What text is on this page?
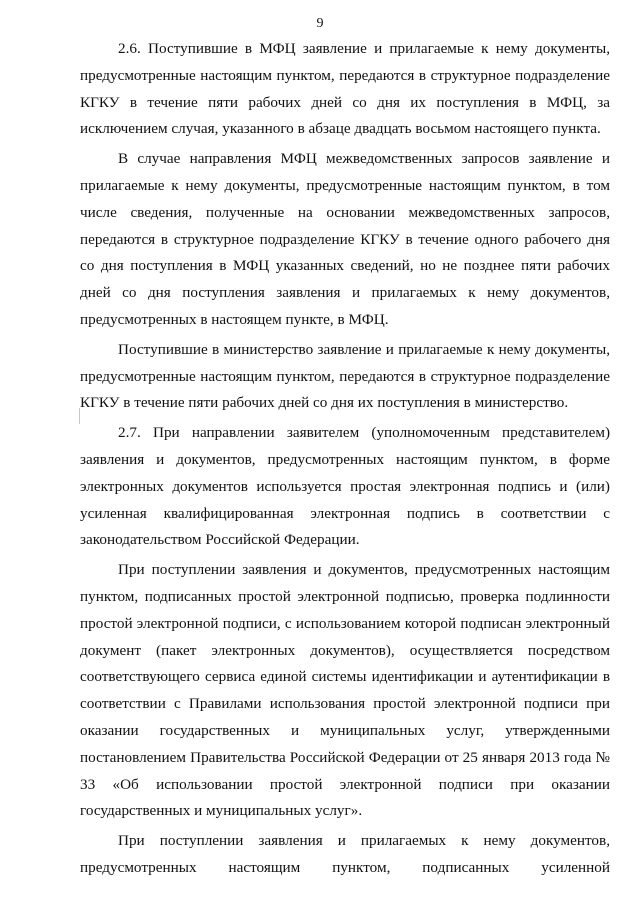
9

2.6. Поступившие в МФЦ заявление и прилагаемые к нему документы, предусмотренные настоящим пунктом, передаются в структурное подразделение КГКУ в течение пяти рабочих дней со дня их поступления в МФЦ, за исключением случая, указанного в абзаце двадцать восьмом настоящего пункта.

В случае направления МФЦ межведомственных запросов заявление и прилагаемые к нему документы, предусмотренные настоящим пунктом, в том числе сведения, полученные на основании межведомственных запросов, передаются в структурное подразделение КГКУ в течение одного рабочего дня со дня поступления в МФЦ указанных сведений, но не позднее пяти рабочих дней со дня поступления заявления и прилагаемых к нему документов, предусмотренных в настоящем пункте, в МФЦ.

Поступившие в министерство заявление и прилагаемые к нему документы, предусмотренные настоящим пунктом, передаются в структурное подразделение КГКУ в течение пяти рабочих дней со дня их поступления в министерство.

2.7. При направлении заявителем (уполномоченным представителем) заявления и документов, предусмотренных настоящим пунктом, в форме электронных документов используется простая электронная подпись и (или) усиленная квалифицированная электронная подпись в соответствии с законодательством Российской Федерации.

При поступлении заявления и документов, предусмотренных настоящим пунктом, подписанных простой электронной подписью, проверка подлинности простой электронной подписи, с использованием которой подписан электронный документ (пакет электронных документов), осуществляется посредством соответствующего сервиса единой системы идентификации и аутентификации в соответствии с Правилами использования простой электронной подписи при оказании государственных и муниципальных услуг, утвержденными постановлением Правительства Российской Федерации от 25 января 2013 года № 33 «Об использовании простой электронной подписи при оказании государственных и муниципальных услуг».

При поступлении заявления и прилагаемых к нему документов, предусмотренных настоящим пунктом, подписанных усиленной
